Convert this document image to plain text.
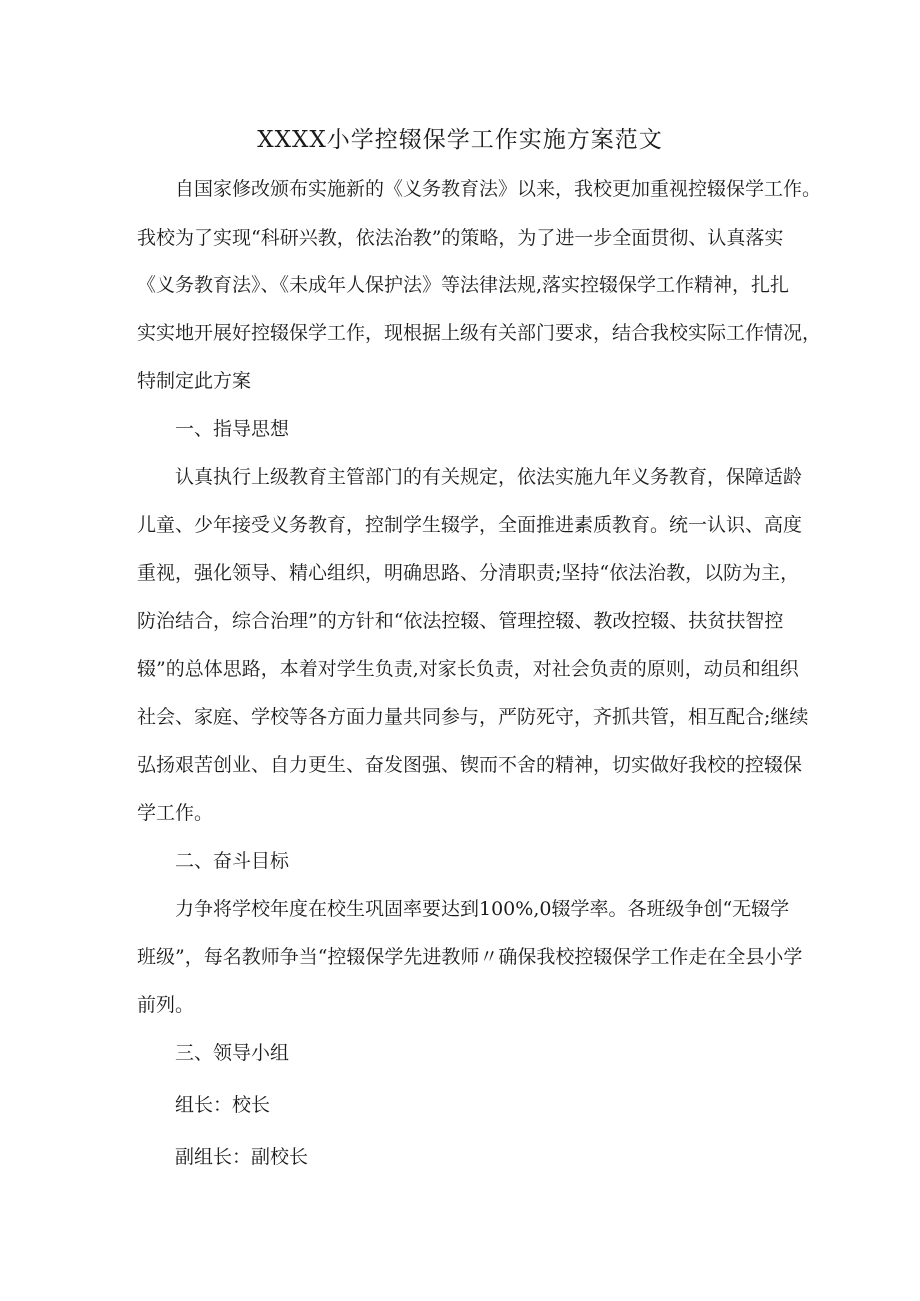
XXXX小学控辍保学工作实施方案范文

自国家修改颁布实施新的《义务教育法》以来，我校更加重视控辍保学工作。

我校为了实现“科研兴教，依法治教”的策略，为了进一步全面贯彻、认真落实

《义务教育法》、《未成年人保护法》等法律法规,落实控辍保学工作精神，扎扎

实实地开展好控辍保学工作，现根据上级有关部门要求，结合我校实际工作情况，

特制定此方案

一、指导思想

认真执行上级教育主管部门的有关规定，依法实施九年义务教育，保障适龄

儿童、少年接受义务教育，控制学生辍学，全面推进素质教育。统一认识、高度

重视，强化领导、精心组织，明确思路、分清职责;坚持“依法治教，以防为主，

防治结合，综合治理”的方针和“依法控辍、管理控辍、教改控辍、扶贫扶智控

辍”的总体思路，本着对学生负责,对家长负责，对社会负责的原则，动员和组织

社会、家庭、学校等各方面力量共同参与，严防死守，齐抓共管，相互配合;继续

弘扬艰苦创业、自力更生、奋发图强、锲而不舍的精神，切实做好我校的控辍保

学工作。

二、奋斗目标

力争将学校年度在校生巩固率要达到100%,0辍学率。各班级争创“无辍学

班级”，每名教师争当“控辍保学先进教师〃确保我校控辍保学工作走在全县小学

前列。

三、领导小组

组长：校长

副组长：副校长
